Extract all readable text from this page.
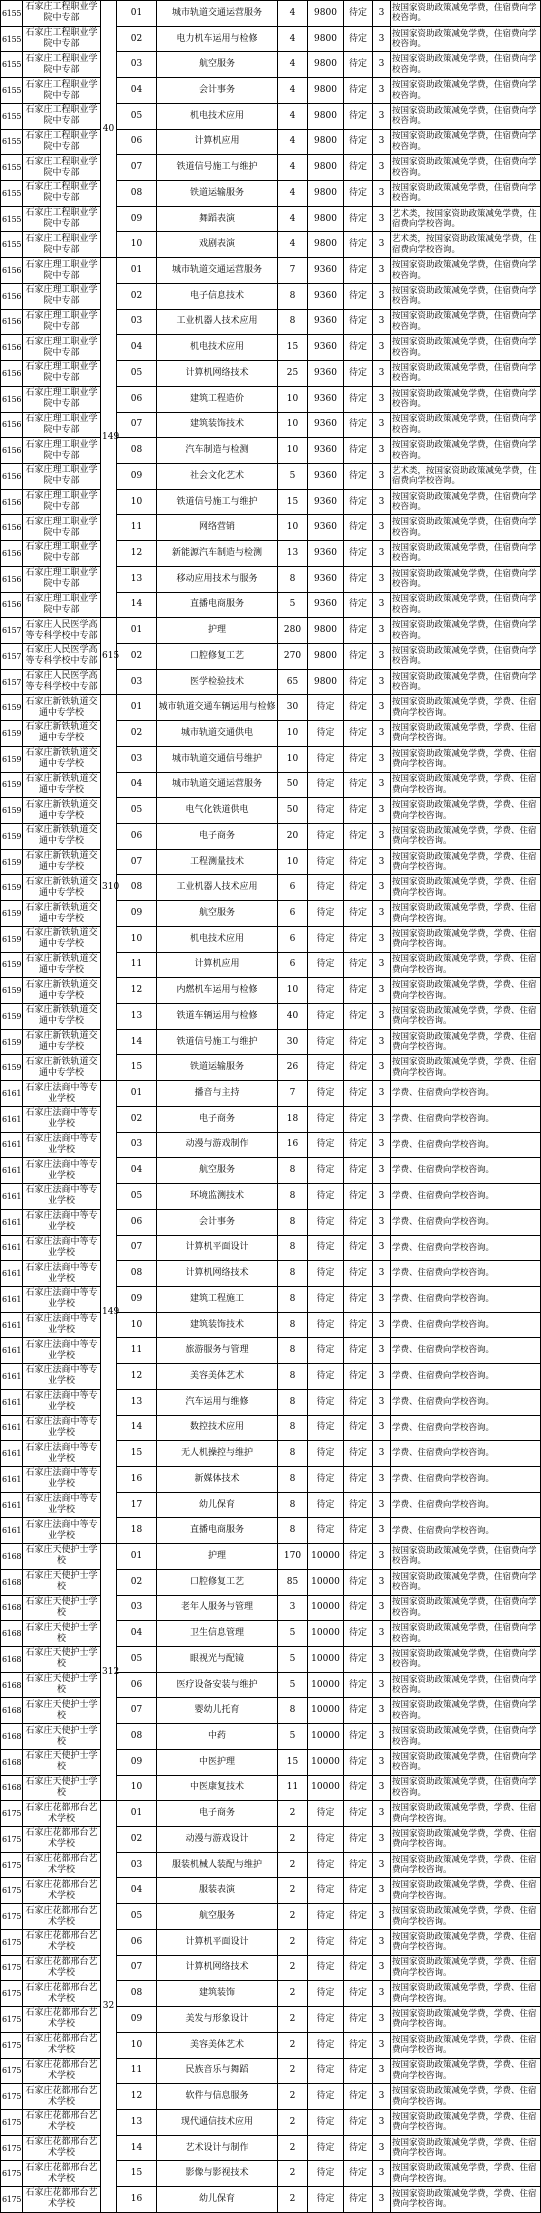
6155	石家庄工程职业学院中专部	40	01	城市轨道交通运营服务	4	9800	待定	3	按国家资助政策减免学费，住宿费向学校咨询。
6155	石家庄工程职业学院中专部		02	电力机车运用与检修	4	9800	待定	3	按国家资助政策减免学费，住宿费向学校咨询。
6155	石家庄工程职业学院中专部		03	航空服务	4	9800	待定	3	按国家资助政策减免学费，住宿费向学校咨询。
6155	石家庄工程职业学院中专部		04	会计事务	4	9800	待定	3	按国家资助政策减免学费，住宿费向学校咨询。
6155	石家庄工程职业学院中专部		05	机电技术应用	4	9800	待定	3	按国家资助政策减免学费，住宿费向学校咨询。
6155	石家庄工程职业学院中专部		06	计算机应用	4	9800	待定	3	按国家资助政策减免学费，住宿费向学校咨询。
6155	石家庄工程职业学院中专部		07	铁道信号施工与维护	4	9800	待定	3	按国家资助政策减免学费，住宿费向学校咨询。
6155	石家庄工程职业学院中专部		08	铁道运输服务	4	9800	待定	3	按国家资助政策减免学费，住宿费向学校咨询。
6155	石家庄工程职业学院中专部		09	舞蹈表演	4	9800	待定	3	艺术类，按国家资助政策减免学费，住宿费向学校咨询。
6155	石家庄工程职业学院中专部		10	戏剧表演	4	9800	待定	3	艺术类，按国家资助政策减免学费，住宿费向学校咨询。
6156	石家庄理工职业学院中专部	149	01	城市轨道交通运营服务	7	9360	待定	3	按国家资助政策减免学费，住宿费向学校咨询。
6156	石家庄理工职业学院中专部		02	电子信息技术	8	9360	待定	3	按国家资助政策减免学费，住宿费向学校咨询。
6156	石家庄理工职业学院中专部		03	工业机器人技术应用	8	9360	待定	3	按国家资助政策减免学费，住宿费向学校咨询。
6156	石家庄理工职业学院中专部		04	机电技术应用	15	9360	待定	3	按国家资助政策减免学费，住宿费向学校咨询。
6156	石家庄理工职业学院中专部		05	计算机网络技术	25	9360	待定	3	按国家资助政策减免学费，住宿费向学校咨询。
6156	石家庄理工职业学院中专部		06	建筑工程造价	10	9360	待定	3	按国家资助政策减免学费，住宿费向学校咨询。
6156	石家庄理工职业学院中专部		07	建筑装饰技术	10	9360	待定	3	按国家资助政策减免学费，住宿费向学校咨询。
6156	石家庄理工职业学院中专部		08	汽车制造与检测	10	9360	待定	3	按国家资助政策减免学费，住宿费向学校咨询。
6156	石家庄理工职业学院中专部		09	社会文化艺术	5	9360	待定	3	艺术类，按国家资助政策减免学费，住宿费向学校咨询。
6156	石家庄理工职业学院中专部		10	铁道信号施工与维护	15	9360	待定	3	按国家资助政策减免学费，住宿费向学校咨询。
6156	石家庄理工职业学院中专部		11	网络营销	10	9360	待定	3	按国家资助政策减免学费，住宿费向学校咨询。
6156	石家庄理工职业学院中专部		12	新能源汽车制造与检测	13	9360	待定	3	按国家资助政策减免学费，住宿费向学校咨询。
6156	石家庄理工职业学院中专部		13	移动应用技术与服务	8	9360	待定	3	按国家资助政策减免学费，住宿费向学校咨询。
6156	石家庄理工职业学院中专部		14	直播电商服务	5	9360	待定	3	按国家资助政策减免学费，住宿费向学校咨询。
6157	石家庄人民医学高等专科学校中专部	615	01	护理	280	9800	待定	3	按国家资助政策减免学费，住宿费向学校咨询。
6157	石家庄人民医学高等专科学校中专部		02	口腔修复工艺	270	9800	待定	3	按国家资助政策减免学费，住宿费向学校咨询。
6157	石家庄人民医学高等专科学校中专部		03	医学检验技术	65	9800	待定	3	按国家资助政策减免学费，住宿费向学校咨询。
6159	石家庄新铁轨道交通中专学校	310	01	城市轨道交通车辆运用与检修	30	待定	待定	3	按国家资助政策减免学费，学费、住宿费向学校咨询。
6159	石家庄新铁轨道交通中专学校		02	城市轨道交通供电	10	待定	待定	3	按国家资助政策减免学费，学费、住宿费向学校咨询。
6159	石家庄新铁轨道交通中专学校		03	城市轨道交通信号维护	10	待定	待定	3	按国家资助政策减免学费，学费、住宿费向学校咨询。
6159	石家庄新铁轨道交通中专学校		04	城市轨道交通运营服务	50	待定	待定	3	按国家资助政策减免学费，学费、住宿费向学校咨询。
6159	石家庄新铁轨道交通中专学校		05	电气化铁道供电	50	待定	待定	3	按国家资助政策减免学费，学费、住宿费向学校咨询。
6159	石家庄新铁轨道交通中专学校		06	电子商务	20	待定	待定	3	按国家资助政策减免学费，学费、住宿费向学校咨询。
6159	石家庄新铁轨道交通中专学校		07	工程测量技术	10	待定	待定	3	按国家资助政策减免学费，学费、住宿费向学校咨询。
6159	石家庄新铁轨道交通中专学校		08	工业机器人技术应用	6	待定	待定	3	按国家资助政策减免学费，学费、住宿费向学校咨询。
6159	石家庄新铁轨道交通中专学校		09	航空服务	6	待定	待定	3	按国家资助政策减免学费，学费、住宿费向学校咨询。
6159	石家庄新铁轨道交通中专学校		10	机电技术应用	6	待定	待定	3	按国家资助政策减免学费，学费、住宿费向学校咨询。
6159	石家庄新铁轨道交通中专学校		11	计算机应用	6	待定	待定	3	按国家资助政策减免学费，学费、住宿费向学校咨询。
6159	石家庄新铁轨道交通中专学校		12	内燃机车运用与检修	10	待定	待定	3	按国家资助政策减免学费，学费、住宿费向学校咨询。
6159	石家庄新铁轨道交通中专学校		13	铁道车辆运用与检修	40	待定	待定	3	按国家资助政策减免学费，学费、住宿费向学校咨询。
6159	石家庄新铁轨道交通中专学校		14	铁道信号施工与维护	30	待定	待定	3	按国家资助政策减免学费，学费、住宿费向学校咨询。
6159	石家庄新铁轨道交通中专学校		15	铁道运输服务	26	待定	待定	3	按国家资助政策减免学费，学费、住宿费向学校咨询。
6161	石家庄法商中等专业学校	149	01	播音与主持	7	待定	待定	3	学费、住宿费向学校咨询。
6161	石家庄法商中等专业学校		02	电子商务	18	待定	待定	3	学费、住宿费向学校咨询。
6161	石家庄法商中等专业学校		03	动漫与游戏制作	16	待定	待定	3	学费、住宿费向学校咨询。
6161	石家庄法商中等专业学校		04	航空服务	8	待定	待定	3	学费、住宿费向学校咨询。
6161	石家庄法商中等专业学校		05	环境监测技术	8	待定	待定	3	学费、住宿费向学校咨询。
6161	石家庄法商中等专业学校		06	会计事务	8	待定	待定	3	学费、住宿费向学校咨询。
6161	石家庄法商中等专业学校		07	计算机平面设计	8	待定	待定	3	学费、住宿费向学校咨询。
6161	石家庄法商中等专业学校		08	计算机网络技术	8	待定	待定	3	学费、住宿费向学校咨询。
6161	石家庄法商中等专业学校		09	建筑工程施工	8	待定	待定	3	学费、住宿费向学校咨询。
6161	石家庄法商中等专业学校		10	建筑装饰技术	8	待定	待定	3	学费、住宿费向学校咨询。
6161	石家庄法商中等专业学校		11	旅游服务与管理	8	待定	待定	3	学费、住宿费向学校咨询。
6161	石家庄法商中等专业学校		12	美容美体艺术	8	待定	待定	3	学费、住宿费向学校咨询。
6161	石家庄法商中等专业学校		13	汽车运用与维修	8	待定	待定	3	学费、住宿费向学校咨询。
6161	石家庄法商中等专业学校		14	数控技术应用	8	待定	待定	3	学费、住宿费向学校咨询。
6161	石家庄法商中等专业学校		15	无人机操控与维护	8	待定	待定	3	学费、住宿费向学校咨询。
6161	石家庄法商中等专业学校		16	新媒体技术	8	待定	待定	3	学费、住宿费向学校咨询。
6161	石家庄法商中等专业学校		17	幼儿保育	8	待定	待定	3	学费、住宿费向学校咨询。
6161	石家庄法商中等专业学校		18	直播电商服务	8	待定	待定	3	学费、住宿费向学校咨询。
6168	石家庄天使护士学校	312	01	护理	170	10000	待定	3	按国家资助政策减免学费，住宿费向学校咨询。
6168	石家庄天使护士学校		02	口腔修复工艺	85	10000	待定	3	按国家资助政策减免学费，住宿费向学校咨询。
6168	石家庄天使护士学校		03	老年人服务与管理	3	10000	待定	3	按国家资助政策减免学费，住宿费向学校咨询。
6168	石家庄天使护士学校		04	卫生信息管理	5	10000	待定	3	按国家资助政策减免学费，住宿费向学校咨询。
6168	石家庄天使护士学校		05	眼视光与配镜	5	10000	待定	3	按国家资助政策减免学费，住宿费向学校咨询。
6168	石家庄天使护士学校		06	医疗设备安装与维护	5	10000	待定	3	按国家资助政策减免学费，住宿费向学校咨询。
6168	石家庄天使护士学校		07	婴幼儿托育	8	10000	待定	3	按国家资助政策减免学费，住宿费向学校咨询。
6168	石家庄天使护士学校		08	中药	5	10000	待定	3	按国家资助政策减免学费，住宿费向学校咨询。
6168	石家庄天使护士学校		09	中医护理	15	10000	待定	3	按国家资助政策减免学费，住宿费向学校咨询。
6168	石家庄天使护士学校		10	中医康复技术	11	10000	待定	3	按国家资助政策减免学费，住宿费向学校咨询。
6175	石家庄花都邢台艺术学校	32	01	电子商务	2	待定	待定	3	按国家资助政策减免学费，学费、住宿费向学校咨询。
6175	石家庄花都邢台艺术学校		02	动漫与游戏设计	2	待定	待定	3	按国家资助政策减免学费，学费、住宿费向学校咨询。
6175	石家庄花都邢台艺术学校		03	服装机械人装配与维护	2	待定	待定	3	按国家资助政策减免学费，学费、住宿费向学校咨询。
6175	石家庄花都邢台艺术学校		04	服装表演	2	待定	待定	3	按国家资助政策减免学费，学费、住宿费向学校咨询。
6175	石家庄花都邢台艺术学校		05	航空服务	2	待定	待定	3	按国家资助政策减免学费，学费、住宿费向学校咨询。
6175	石家庄花都邢台艺术学校		06	计算机平面设计	2	待定	待定	3	按国家资助政策减免学费，学费、住宿费向学校咨询。
6175	石家庄花都邢台艺术学校		07	计算机网络技术	2	待定	待定	3	按国家资助政策减免学费，学费、住宿费向学校咨询。
6175	石家庄花都邢台艺术学校		08	建筑装饰	2	待定	待定	3	按国家资助政策减免学费，学费、住宿费向学校咨询。
6175	石家庄花都邢台艺术学校		09	美发与形象设计	2	待定	待定	3	按国家资助政策减免学费，学费、住宿费向学校咨询。
6175	石家庄花都邢台艺术学校		10	美容美体艺术	2	待定	待定	3	按国家资助政策减免学费，学费、住宿费向学校咨询。
6175	石家庄花都邢台艺术学校		11	民族音乐与舞蹈	2	待定	待定	3	按国家资助政策减免学费，学费、住宿费向学校咨询。
6175	石家庄花都邢台艺术学校		12	软件与信息服务	2	待定	待定	3	按国家资助政策减免学费，学费、住宿费向学校咨询。
6175	石家庄花都邢台艺术学校		13	现代通信技术应用	2	待定	待定	3	按国家资助政策减免学费，学费、住宿费向学校咨询。
6175	石家庄花都邢台艺术学校		14	艺术设计与制作	2	待定	待定	3	按国家资助政策减免学费，学费、住宿费向学校咨询。
6175	石家庄花都邢台艺术学校		15	影像与影视技术	2	待定	待定	3	按国家资助政策减免学费，学费、住宿费向学校咨询。
6175	石家庄花都邢台艺术学校		16	幼儿保育	2	待定	待定	3	按国家资助政策减免学费，学费、住宿费向学校咨询。
